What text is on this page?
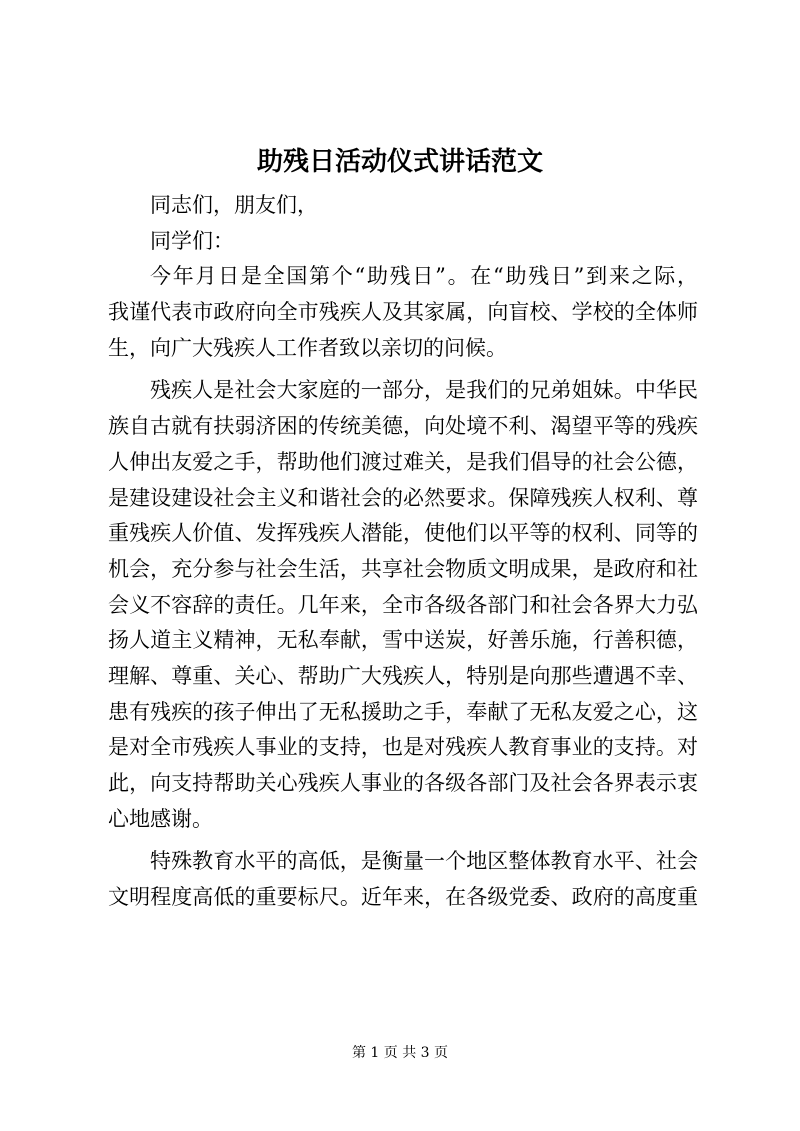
助残日活动仪式讲话范文
同志们，朋友们，
同学们：
今年月日是全国第个“助残日”。在“助残日”到来之际，
我谨代表市政府向全市残疾人及其家属，向盲校、学校的全体师
生，向广大残疾人工作者致以亲切的问候。
残疾人是社会大家庭的一部分，是我们的兄弟姐妹。中华民
族自古就有扶弱济困的传统美德，向处境不利、渴望平等的残疾
人伸出友爱之手，帮助他们渡过难关，是我们倡导的社会公德，
是建设建设社会主义和谐社会的必然要求。保障残疾人权利、尊
重残疾人价值、发挥残疾人潜能，使他们以平等的权利、同等的
机会，充分参与社会生活，共享社会物质文明成果，是政府和社
会义不容辞的责任。几年来，全市各级各部门和社会各界大力弘
扬人道主义精神，无私奉献，雪中送炭，好善乐施，行善积德，
理解、尊重、关心、帮助广大残疾人，特别是向那些遭遇不幸、
患有残疾的孩子伸出了无私援助之手，奉献了无私友爱之心，这
是对全市残疾人事业的支持，也是对残疾人教育事业的支持。对
此，向支持帮助关心残疾人事业的各级各部门及社会各界表示衷
心地感谢。
特殊教育水平的高低，是衡量一个地区整体教育水平、社会
文明程度高低的重要标尺。近年来，在各级党委、政府的高度重
第 1 页 共 3 页
